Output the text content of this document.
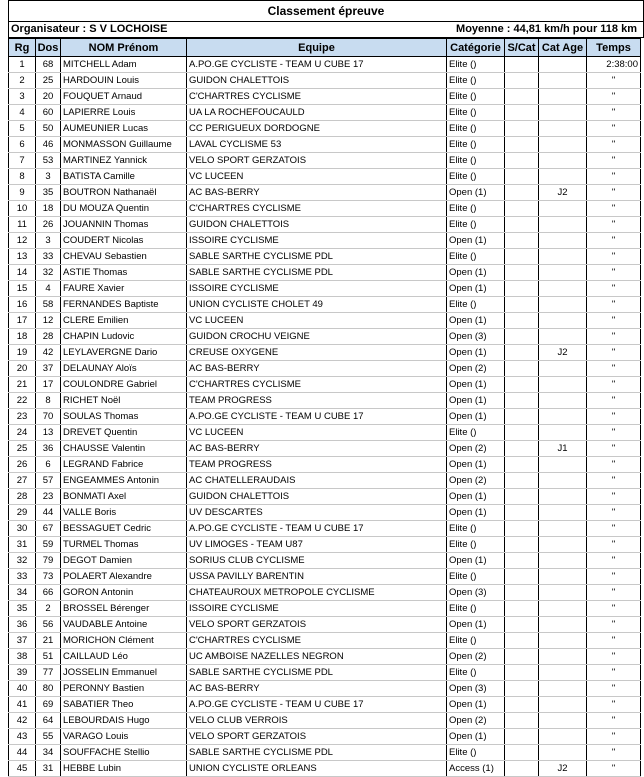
Classement épreuve
Organisateur : S V LOCHOISE	Moyenne : 44,81 km/h pour 118 km
Rg	Dos	NOM Prénom	Equipe	Catégorie	S/Cat	Cat Age	Temps
1	68	MITCHELL Adam	A.PO.GE CYCLISTE - TEAM U CUBE 17	Elite ()			2:38:00
2	25	HARDOUIN Louis	GUIDON CHALETTOIS	Elite ()			"
3	20	FOUQUET Arnaud	C'CHARTRES CYCLISME	Elite ()			"
4	60	LAPIERRE Louis	UA LA ROCHEFOUCAULD	Elite ()			"
5	50	AUMEUNIER Lucas	CC PERIGUEUX DORDOGNE	Elite ()			"
6	46	MONMASSON Guillaume	LAVAL CYCLISME 53	Elite ()			"
7	53	MARTINEZ Yannick	VELO SPORT GERZATOIS	Elite ()			"
8	3	BATISTA Camille	VC LUCEEN	Elite ()			"
9	35	BOUTRON Nathanaël	AC BAS-BERRY	Open (1)		J2	"
10	18	DU MOUZA Quentin	C'CHARTRES CYCLISME	Elite ()			"
11	26	JOUANNIN Thomas	GUIDON CHALETTOIS	Elite ()			"
12	3	COUDERT Nicolas	ISSOIRE CYCLISME	Open (1)			"
13	33	CHEVAU Sebastien	SABLE SARTHE CYCLISME PDL	Elite ()			"
14	32	ASTIE Thomas	SABLE SARTHE CYCLISME PDL	Open (1)			"
15	4	FAURE Xavier	ISSOIRE CYCLISME	Open (1)			"
16	58	FERNANDES Baptiste	UNION CYCLISTE CHOLET 49	Elite ()			"
17	12	CLERE Emilien	VC LUCEEN	Open (1)			"
18	28	CHAPIN Ludovic	GUIDON CROCHU VEIGNE	Open (3)			"
19	42	LEYLAVERGNE Dario	CREUSE OXYGENE	Open (1)		J2	"
20	37	DELAUNAY Aloïs	AC BAS-BERRY	Open (2)			"
21	17	COULONDRE Gabriel	C'CHARTRES CYCLISME	Open (1)			"
22	8	RICHET Noël	TEAM PROGRESS	Open (1)			"
23	70	SOULAS Thomas	A.PO.GE CYCLISTE - TEAM U CUBE 17	Open (1)			"
24	13	DREVET Quentin	VC LUCEEN	Elite ()			"
25	36	CHAUSSE Valentin	AC BAS-BERRY	Open (2)		J1	"
26	6	LEGRAND Fabrice	TEAM PROGRESS	Open (1)			"
27	57	ENGEAMMES Antonin	AC CHATELLERAUDAIS	Open (2)			"
28	23	BONMATI Axel	GUIDON CHALETTOIS	Open (1)			"
29	44	VALLE Boris	UV DESCARTES	Open (1)			"
30	67	BESSAGUET Cedric	A.PO.GE CYCLISTE - TEAM U CUBE 17	Elite ()			"
31	59	TURMEL Thomas	UV LIMOGES - TEAM U87	Elite ()			"
32	79	DEGOT Damien	SORIUS CLUB CYCLISME	Open (1)			"
33	73	POLAERT Alexandre	USSA PAVILLY BARENTIN	Elite ()			"
34	66	GORON Antonin	CHATEAUROUX METROPOLE CYCLISME	Open (3)			"
35	2	BROSSEL Bérenger	ISSOIRE CYCLISME	Elite ()			"
36	56	VAUDABLE Antoine	VELO SPORT GERZATOIS	Open (1)			"
37	21	MORICHON Clément	C'CHARTRES CYCLISME	Elite ()			"
38	51	CAILLAUD Léo	UC AMBOISE NAZELLES NEGRON	Open (2)			"
39	77	JOSSELIN Emmanuel	SABLE SARTHE CYCLISME PDL	Elite ()			"
40	80	PERONNY Bastien	AC BAS-BERRY	Open (3)			"
41	69	SABATIER Theo	A.PO.GE CYCLISTE - TEAM U CUBE 17	Open (1)			"
42	64	LEBOURDAIS Hugo	VELO CLUB VERROIS	Open (2)			"
43	55	VARAGO Louis	VELO SPORT GERZATOIS	Open (1)			"
44	34	SOUFFACHE Stellio	SABLE SARTHE CYCLISME PDL	Elite ()			"
45	31	HEBBE Lubin	UNION CYCLISTE ORLEANS	Access (1)		J2	"
